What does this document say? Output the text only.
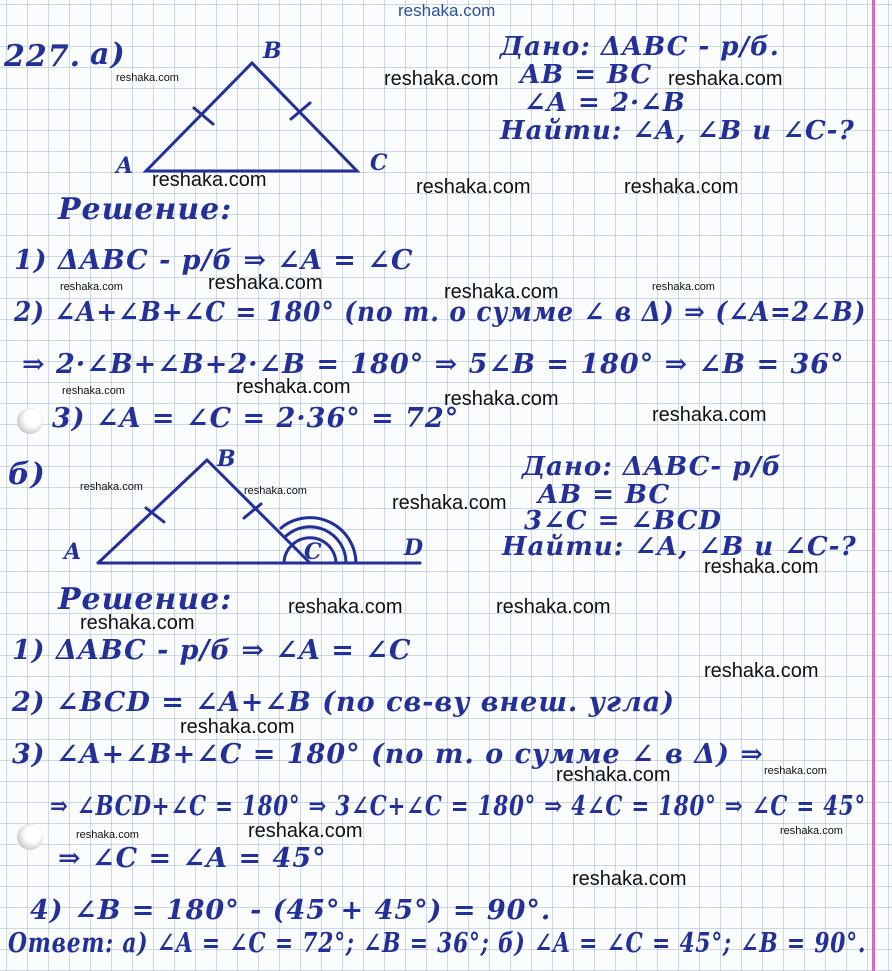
reshaka.com
reshaka.com	reshaka.com	reshaka.com
reshaka.com	reshaka.com	reshaka.com
reshaka.com	reshaka.com	reshaka.com	reshaka.com
reshaka.com	reshaka.com
reshaka.com
reshaka.com
reshaka.com	reshaka.com
reshaka.com
reshaka.com
reshaka.com	reshaka.com
reshaka.com
reshaka.com
reshaka.com
reshaka.com	reshaka.com
reshaka.com	reshaka.com	reshaka.com
reshaka.com
227. а)	B
A	C
Дано: ΔABC - р/б.
AB = BC
∠A = 2·∠B
Найти: ∠A, ∠B и ∠C-?
Решение:
1) ΔABC - р/б ⇒ ∠A = ∠C
2) ∠A+∠B+∠C = 180° (по т. о сумме ∠ в Δ) ⇒ (∠A=2∠B)
⇒ 2·∠B+∠B+2·∠B = 180° ⇒ 5∠B = 180° ⇒ ∠B = 36°
3) ∠A = ∠C = 2·36° = 72°
б)	B
A	C	D
Дано: ΔABC- р/б
AB = BC
3∠C = ∠BCD
Найти: ∠A, ∠B и ∠C-?
Решение:
1) ΔABC - р/б ⇒ ∠A = ∠C
2) ∠BCD = ∠A+∠B (по св-ву внеш. угла)
3) ∠A+∠B+∠C = 180° (по т. о сумме ∠ в Δ) ⇒
⇒ ∠BCD+∠C = 180° ⇒ 3∠C+∠C = 180° ⇒ 4∠C = 180° ⇒ ∠C = 45°
⇒ ∠C = ∠A = 45°
4) ∠B = 180° - (45°+ 45°) = 90°.
Ответ: а) ∠A = ∠C = 72°; ∠B = 36°; б) ∠A = ∠C = 45°; ∠B = 90°.
